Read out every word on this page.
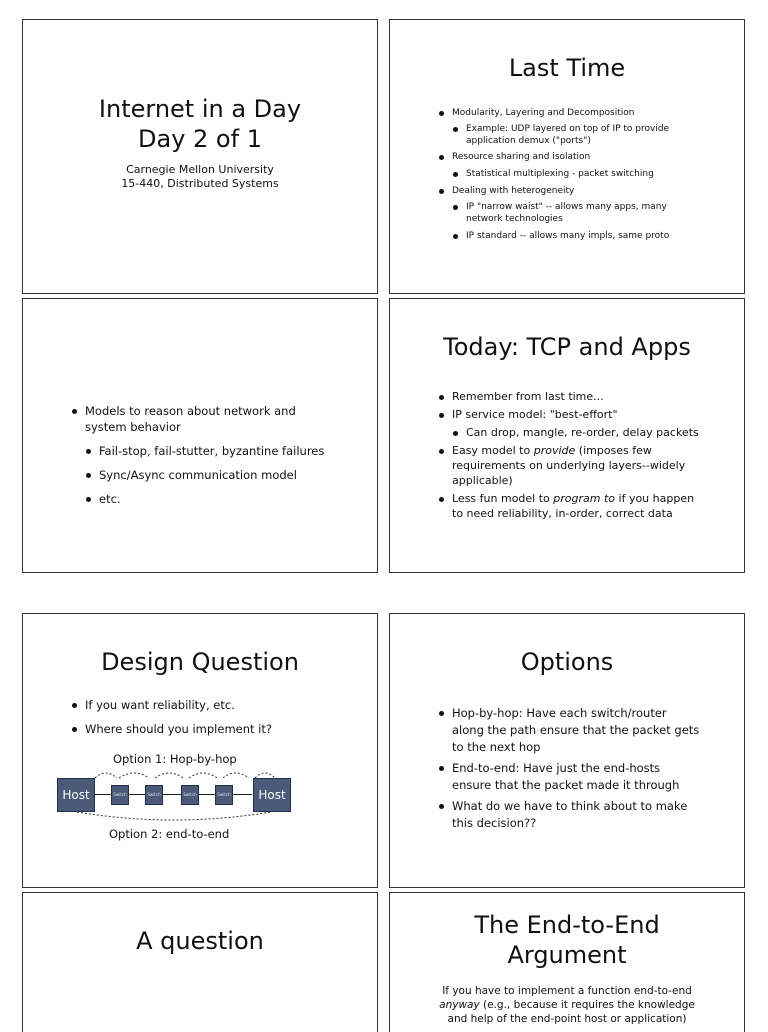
Internet in a Day
Day 2 of 1
Carnegie Mellon University
15-440, Distributed Systems
Last Time
Modularity, Layering and Decomposition
Example: UDP layered on top of IP to provide application demux ("ports")
Resource sharing and isolation
Statistical multiplexing - packet switching
Dealing with heterogeneity
IP "narrow waist" -- allows many apps, many network technologies
IP standard -- allows many impls, same proto
Models to reason about network and system behavior
Fail-stop, fail-stutter, byzantine failures
Sync/Async communication model
etc.
Today: TCP and Apps
Remember from last time...
IP service model: "best-effort"
Can drop, mangle, re-order, delay packets
Easy model to provide (imposes few requirements on underlying layers--widely applicable)
Less fun model to program to if you happen to need reliability, in-order, correct data
Design Question
If you want reliability, etc.
Where should you implement it?
Option 1: Hop-by-hop
Host	Switch	Switch	Switch	Switch	Host
Option 2: end-to-end
Options
Hop-by-hop: Have each switch/router along the path ensure that the packet gets to the next hop
End-to-end: Have just the end-hosts ensure that the packet made it through
What do we have to think about to make this decision??
A question
The End-to-End
Argument
If you have to implement a function end-to-end anyway (e.g., because it requires the knowledge and help of the end-point host or application)
